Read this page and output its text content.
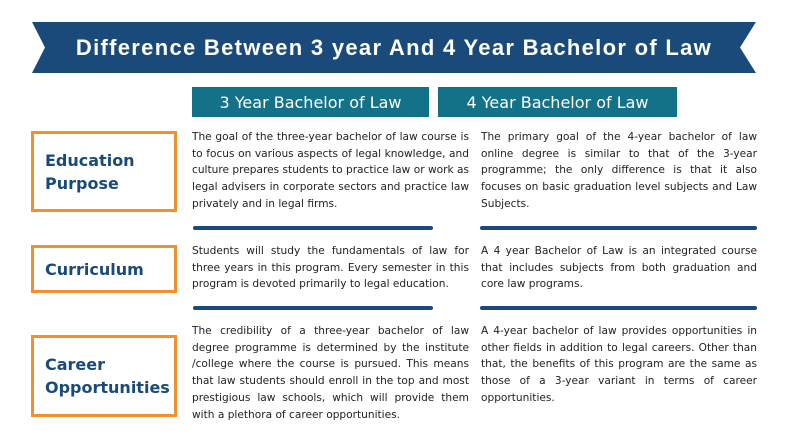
Difference Between 3 year And 4 Year Bachelor of Law
3 Year Bachelor of Law	4 Year Bachelor of Law
Education
Purpose
The goal of the three-year bachelor of law course is to focus on various aspects of legal knowledge, and culture prepares students to practice law or work as legal advisers in corporate sectors and practice law privately and in legal firms.
The primary goal of the 4-year bachelor of law online degree is similar to that of the 3-year programme; the only difference is that it also focuses on basic graduation level subjects and Law Subjects.
Curriculum
Students will study the fundamentals of law for three years in this program. Every semester in this program is devoted primarily to legal education.
A 4 year Bachelor of Law is an integrated course that includes subjects from both graduation and core law programs.
Career
Opportunities
The credibility of a three-year bachelor of law degree programme is determined by the institute /college where the course is pursued. This means that law students should enroll in the top and most prestigious law schools, which will provide them with a plethora of career opportunities.
A 4-year bachelor of law provides opportunities in other fields in addition to legal careers. Other than that, the benefits of this program are the same as those of a 3-year variant in terms of career opportunities.
